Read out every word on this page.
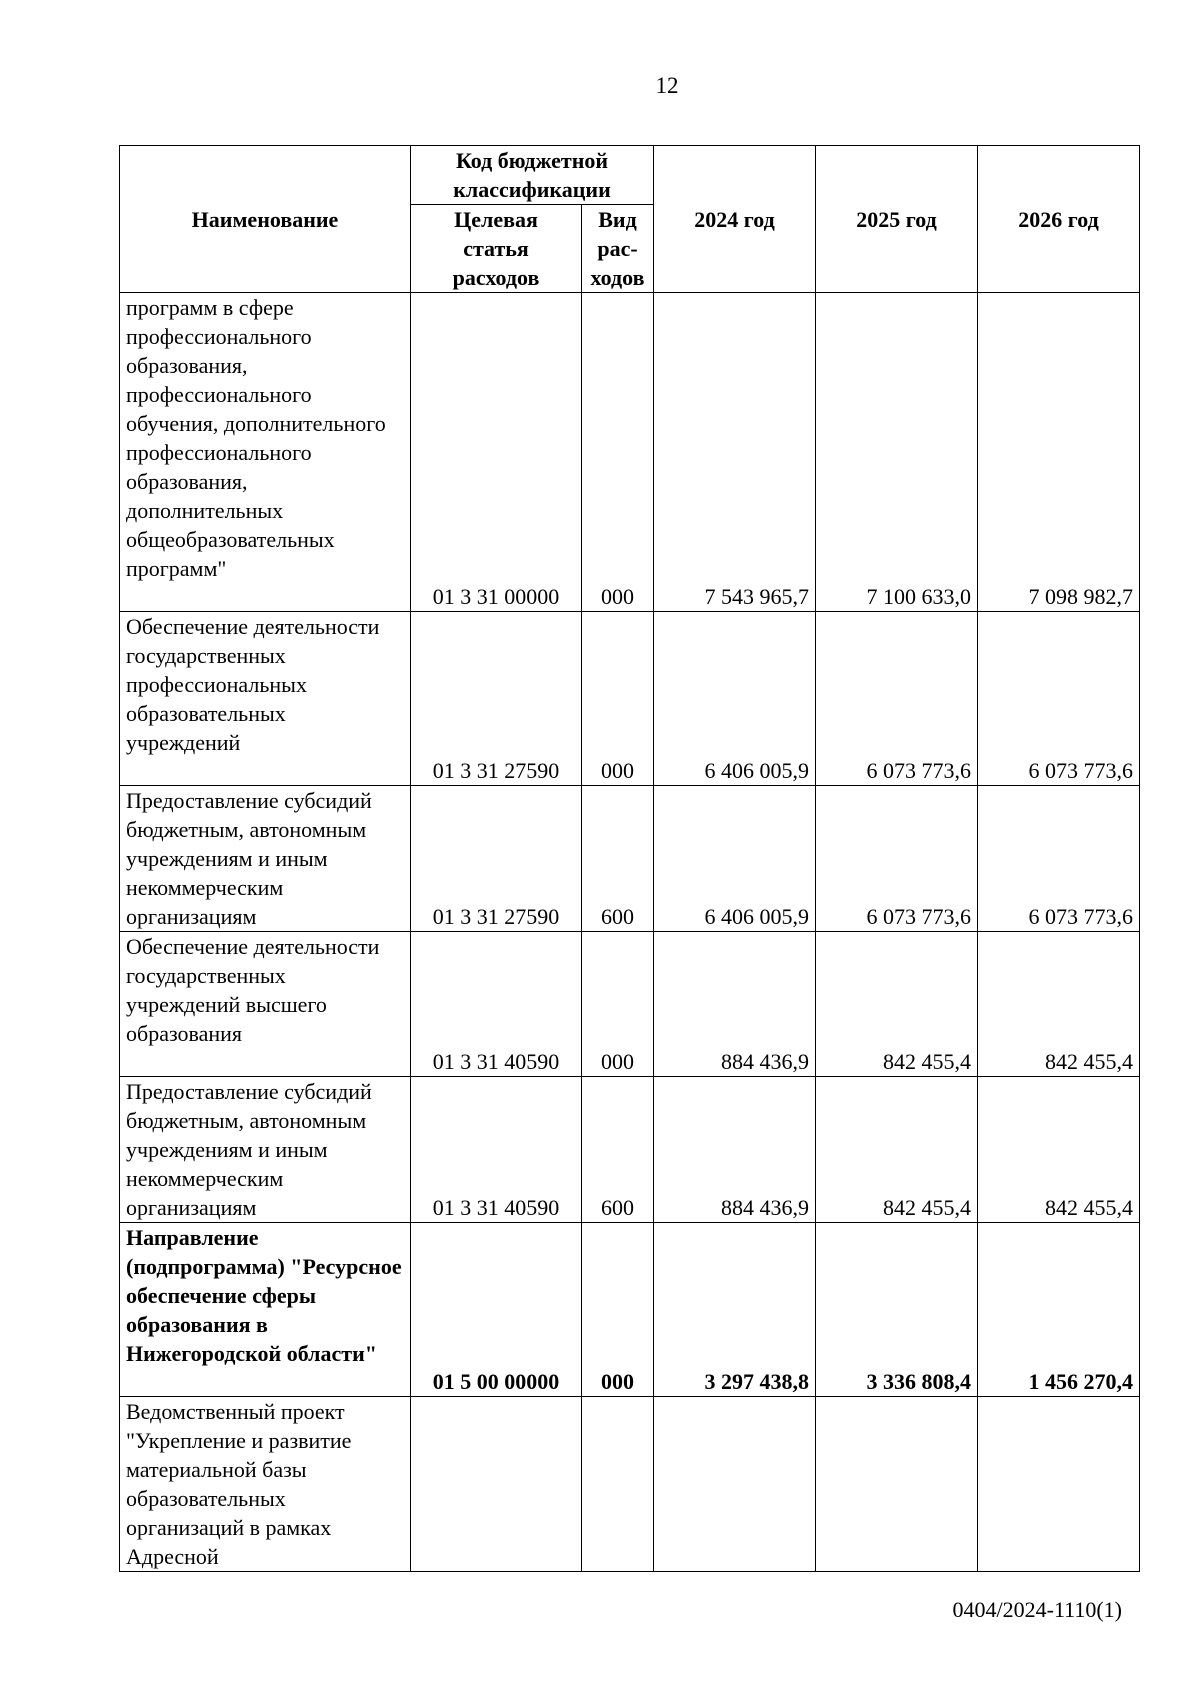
12
Наименование	Код бюджетной классификации		2024 год	2025 год	2026 год
	Целевая статья расходов	Вид рас-ходов			
программ в сфере профессионального образования, профессионального обучения, дополнительного профессионального образования, дополнительных общеобразовательных программ"	01 3 31 00000	000	7 543 965,7	7 100 633,0	7 098 982,7
Обеспечение деятельности государственных профессиональных образовательных учреждений	01 3 31 27590	000	6 406 005,9	6 073 773,6	6 073 773,6
Предоставление субсидий бюджетным, автономным учреждениям и иным некоммерческим организациям	01 3 31 27590	600	6 406 005,9	6 073 773,6	6 073 773,6
Обеспечение деятельности государственных учреждений высшего образования	01 3 31 40590	000	884 436,9	842 455,4	842 455,4
Предоставление субсидий бюджетным, автономным учреждениям и иным некоммерческим организациям	01 3 31 40590	600	884 436,9	842 455,4	842 455,4
Направление (подпрограмма) "Ресурсное обеспечение сферы образования в Нижегородской области"	01 5 00 00000	000	3 297 438,8	3 336 808,4	1 456 270,4
Ведомственный проект "Укрепление и развитие материальной базы образовательных организаций в рамках Адресной					
0404/2024-1110(1)
